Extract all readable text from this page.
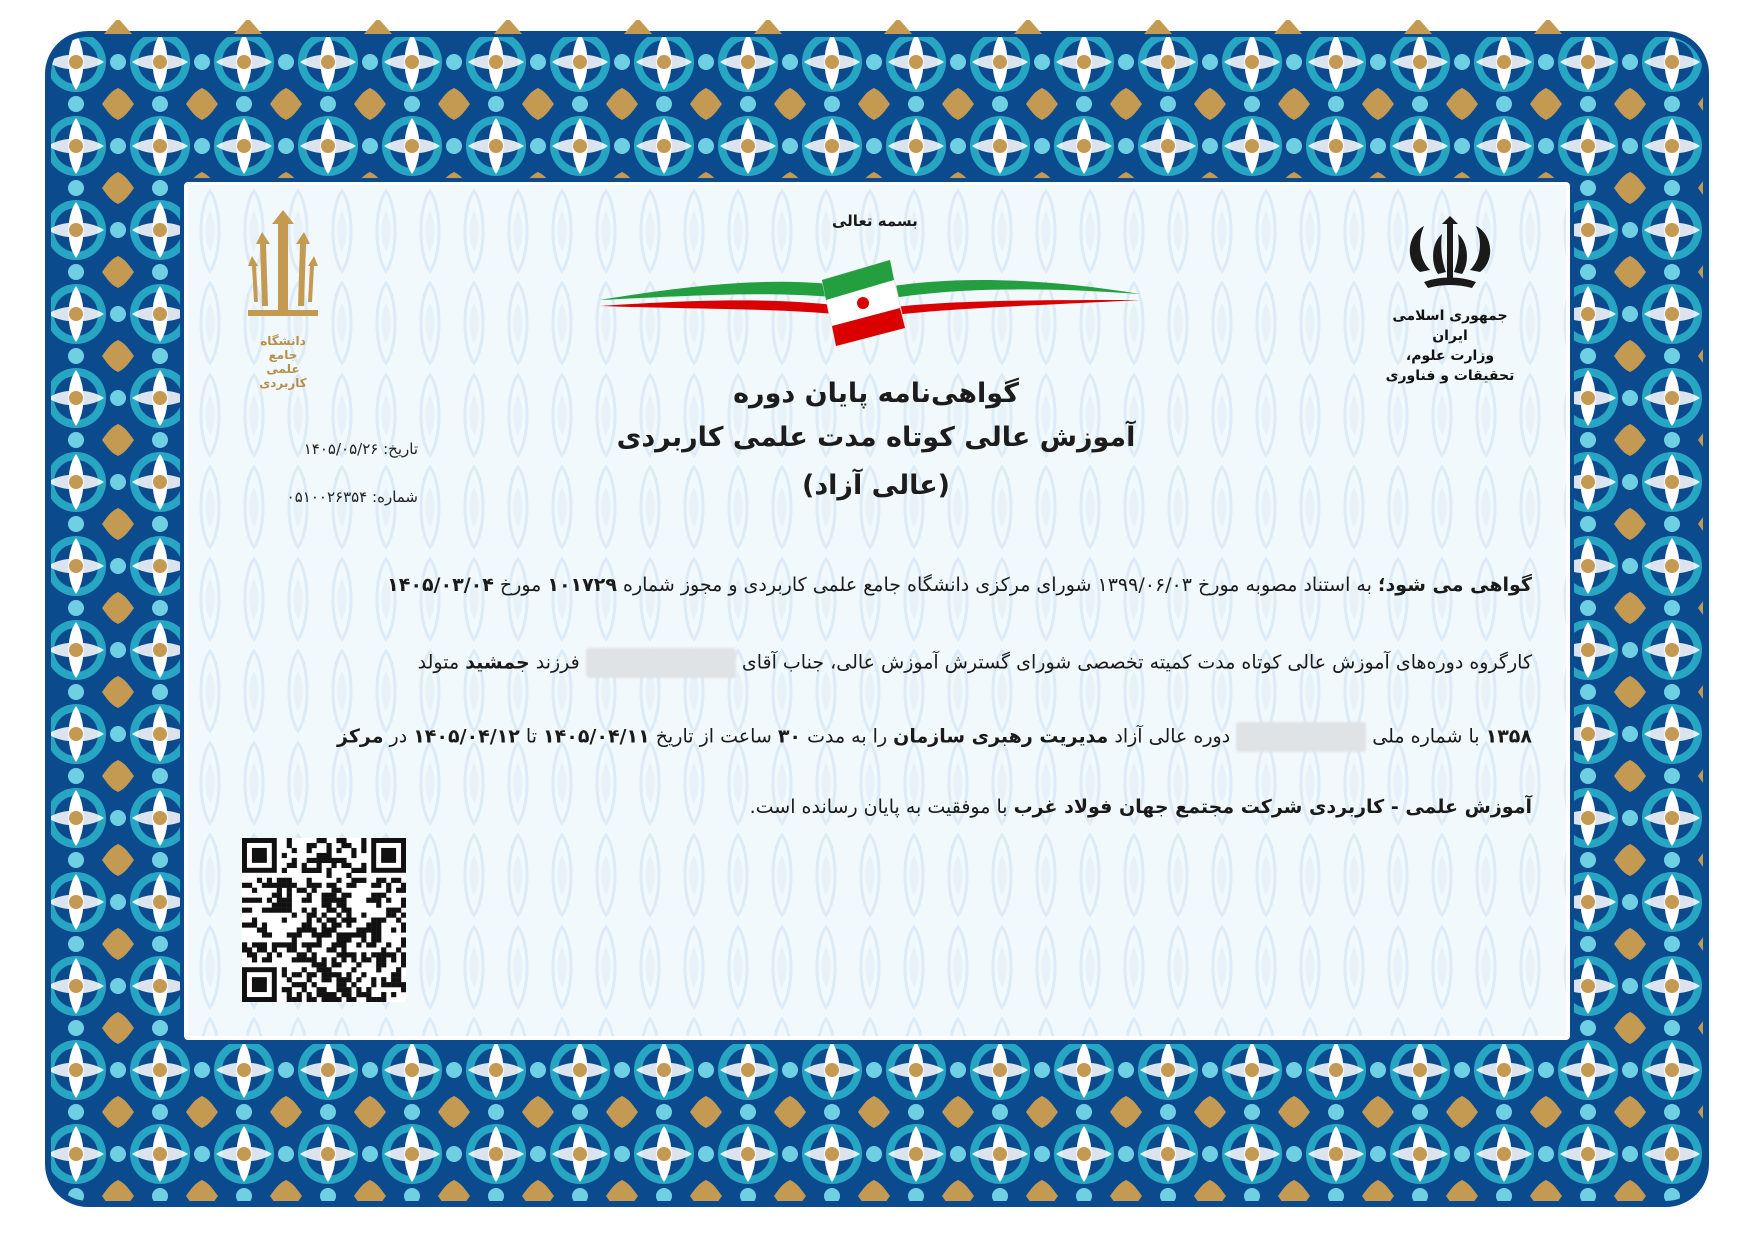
بسمه تعالی
گواهی‌نامه پایان دوره
آموزش عالی کوتاه مدت علمی کاربردی
(عالی آزاد)
جمهوری اسلامی ایران
وزارت علوم، تحقیقات و فناوری
دانشگاه جامع
علمی کاربردی
تاریخ: ۱۴۰۵/۰۵/۲۶
شماره: ۰۵۱۰۰۲۶۳۵۴
گواهی می شود؛ به استناد مصوبه مورخ ۱۳۹۹/۰۶/۰۳ شورای مرکزی دانشگاه جامع علمی کاربردی و مجوز شماره ۱۰۱۷۲۹ مورخ ۱۴۰۵/۰۳/۰۴
کارگروه دوره‌های آموزش عالی کوتاه مدت کمیته تخصصی شورای گسترش آموزش عالی، جناب آقای  فرزند جمشید متولد
۱۳۵۸ با شماره ملی  دوره عالی آزاد مدیریت رهبری سازمان را به مدت ۳۰ ساعت از تاریخ ۱۴۰۵/۰۴/۱۱ تا ۱۴۰۵/۰۴/۱۲ در مرکز
آموزش علمی - کاربردی شرکت مجتمع جهان فولاد غرب با موفقیت به پایان رسانده است.
